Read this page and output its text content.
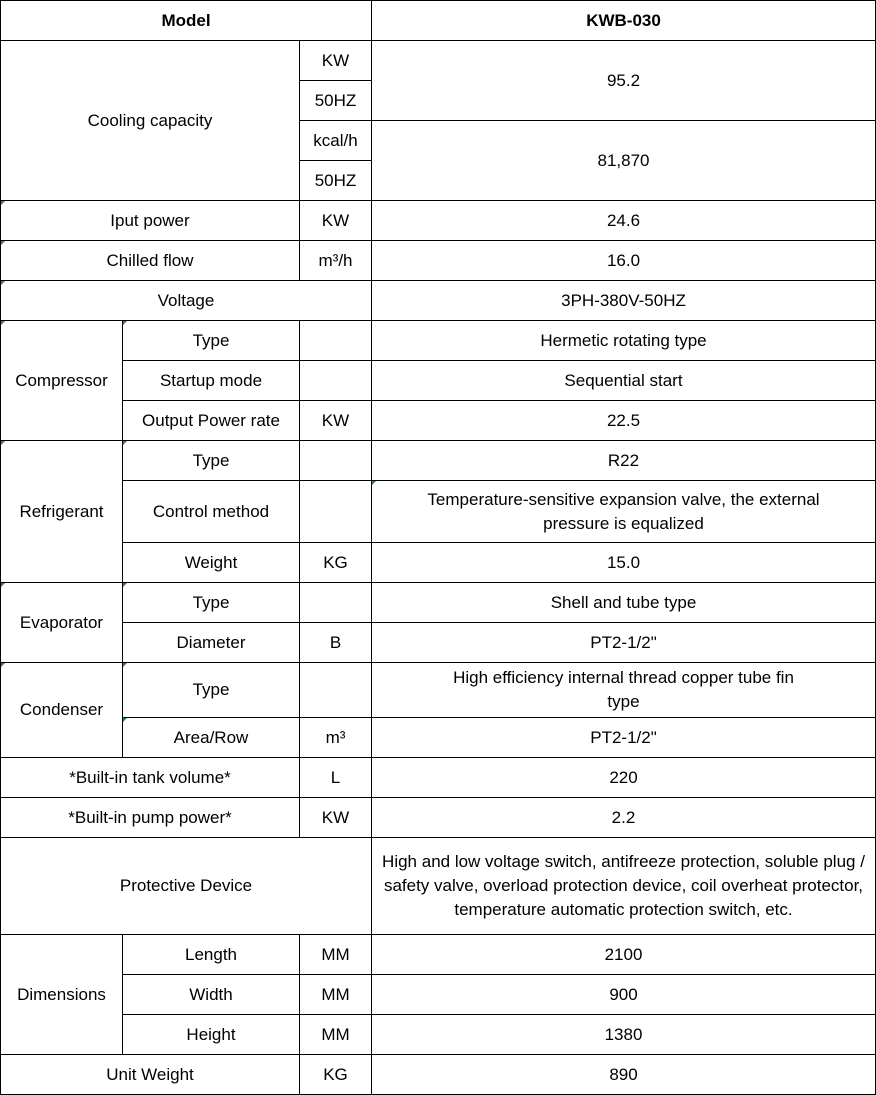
Model			KWB-030
Cooling capacity		KW	95.2
		50HZ	
		kcal/h	81,870
		50HZ	
Iput power		KW	24.6
Chilled flow		m³/h	16.0
Voltage			3PH-380V-50HZ
Compressor	Type		Hermetic rotating type
	Startup mode		Sequential start
	Output Power rate	KW	22.5
Refrigerant	Type		R22
	Control method		Temperature-sensitive expansion valve, the external pressure is equalized
	Weight	KG	15.0
Evaporator	Type		Shell and tube type
	Diameter	B	PT2-1/2"
Condenser	Type		High efficiency internal thread copper tube fin type
	Area/Row	m³	PT2-1/2"
*Built-in tank volume*		L	220
*Built-in pump power*		KW	2.2
Protective Device			High and low voltage switch, antifreeze protection, soluble plug / safety valve, overload protection device, coil overheat protector, temperature automatic protection switch, etc.
Dimensions	Length	MM	2100
	Width	MM	900
	Height	MM	1380
Unit Weight		KG	890
